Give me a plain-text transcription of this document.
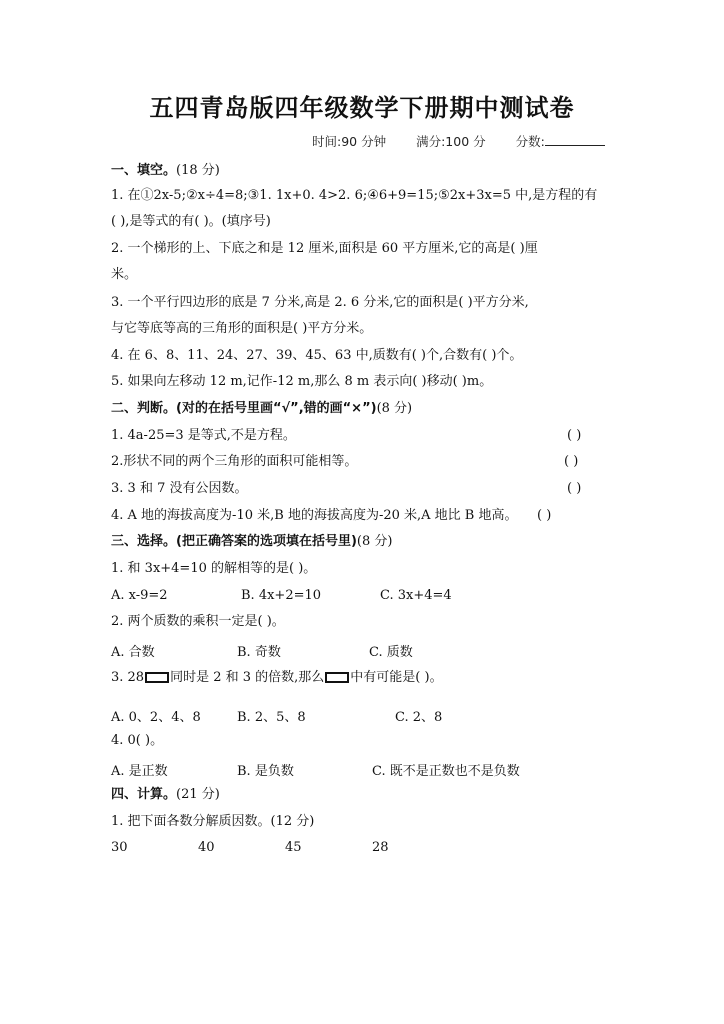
五四青岛版四年级数学下册期中测试卷
时间:90 分钟 满分:100 分 分数:
一、填空。(18 分)
1. 在①2x-5;②x÷4=8;③1. 1x+0. 4>2. 6;④6+9=15;⑤2x+3x=5 中,是方程的有
( ),是等式的有( )。(填序号)
2. 一个梯形的上、下底之和是 12 厘米,面积是 60 平方厘米,它的高是( )厘
米。
3. 一个平行四边形的底是 7 分米,高是 2. 6 分米,它的面积是( )平方分米,
与它等底等高的三角形的面积是( )平方分米。
4. 在 6、8、11、24、27、39、45、63 中,质数有( )个,合数有( )个。
5. 如果向左移动 12 m,记作-12 m,那么 8 m 表示向( )移动( )m。
二、判断。(对的在括号里画“√”,错的画“×”)(8 分)
1. 4a-25=3 是等式,不是方程。	( )
2.形状不同的两个三角形的面积可能相等。	( )
3. 3 和 7 没有公因数。	( )
4. A 地的海拔高度为-10 米,B 地的海拔高度为-20 米,A 地比 B 地高。 ( )
三、选择。(把正确答案的选项填在括号里)(8 分)
1. 和 3x+4=10 的解相等的是( )。
A. x-9=2	B. 4x+2=10	C. 3x+4=4
2. 两个质数的乘积一定是( )。
A. 合数	B. 奇数	C. 质数
3. 28 同时是 2 和 3 的倍数,那么 中有可能是( )。
A. 0、2、4、8	B. 2、5、8	C. 2、8
4. 0( )。
A. 是正数	B. 是负数	C. 既不是正数也不是负数
四、计算。(21 分)
1. 把下面各数分解质因数。(12 分)
30	40	45	28
